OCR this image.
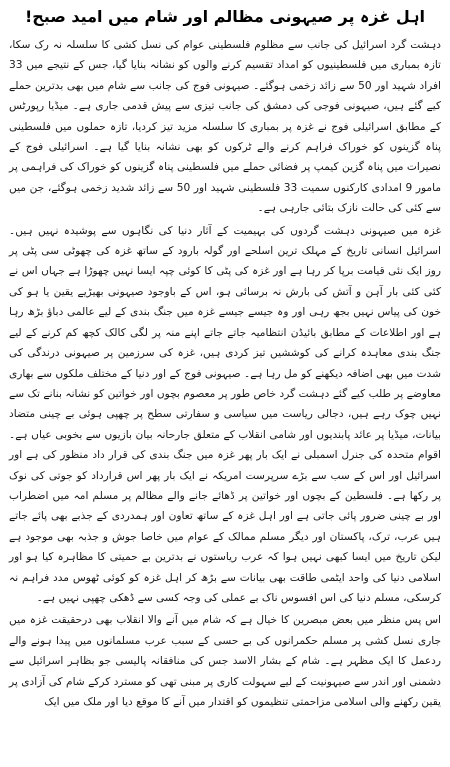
اہل غزہ پر صیہونی مظالم اور شام میں امید صبح!

دہشت گرد اسرائیل کی جانب سے مظلوم فلسطینی عوام کی نسل کشی کا سلسلہ نہ رک سکا، تازہ بمباری میں فلسطینیوں کو امداد تقسیم کرنے والوں کو نشانہ بنایا گیا، جس کے نتیجے میں 33 افراد شہید اور 50 سے زائد زخمی ہوگئے۔ صیہونی فوج کی جانب سے شام میں بھی بدترین حملے کیے گئے ہیں، صیہونی فوجی کی دمشق کی جانب تیزی سے پیش قدمی جاری ہے۔ میڈیا رپورٹس کے مطابق اسرائیلی فوج نے غزہ پر بمباری کا سلسلہ مزید تیز کردیا، تازہ حملوں میں فلسطینی پناہ گزینوں کو خوراک فراہم کرنے والے ٹرکوں کو بھی نشانہ بنایا گیا ہے۔ اسرائیلی فوج کے نصیرات میں پناہ گزین کیمپ پر فضائی حملے میں فلسطینی پناہ گزینوں کو خوراک کی فراہمی پر مامور 9 امدادی کارکنوں سمیت 33 فلسطینی شہید اور 50 سے زائد شدید زخمی ہوگئے، جن میں سے کئی کی حالت نازک بتائی جارہی ہے۔

غزہ میں صیہونی دہشت گردوں کی بہیمیت کے آثار دنیا کی نگاہوں سے پوشیدہ نہیں ہیں۔ اسرائیل انسانی تاریخ کے مہلک ترین اسلحے اور گولہ بارود کے ساتھ غزہ کی چھوٹی سی پٹی پر روز ایک نئی قیامت برپا کر رہا ہے اور غزہ کی پٹی کا کوئی چپہ ایسا نہیں چھوڑا ہے جہاں اس نے کئی کئی بار آہن و آتش کی بارش نہ برسائی ہو، اس کے باوجود صیہونی بھیڑیے یقین یا ہو کی خون کی پیاس نہیں بجھ رہی اور وہ جیسے جیسے غزہ میں جنگ بندی کے لیے عالمی دباؤ بڑھ رہا ہے اور اطلاعات کے مطابق بائیڈن انتظامیہ جاتے جاتے اپنے منہ پر لگی کالک کچھ کم کرنے کے لیے جنگ بندی معاہدہ کرانے کی کوششیں تیز کردی ہیں، غزہ کی سرزمین پر صیہونی درندگی کی شدت میں بھی اضافہ دیکھنے کو مل رہا ہے۔ صیہونی فوج کے اور دنیا کے مختلف ملکوں سے بھاری معاوضے پر طلب کیے گئے دہشت گرد خاص طور پر معصوم بچوں اور خواتین کو نشانہ بنانے تک سے نہیں چوک رہے ہیں، دجالی ریاست میں سیاسی و سفارتی سطح پر چھپی ہوئی بے چینی متضاد بیانات، میڈیا پر عائد پابندیوں اور شامی انقلاب کے متعلق جارحانہ بیان بازیوں سے بخوبی عیاں ہے۔ اقوام متحدہ کی جنرل اسمبلی نے ایک بار پھر غزہ میں جنگ بندی کی قرار داد منظور کی ہے اور اسرائیل اور اس کے سب سے بڑے سرپرست امریکہ نے ایک بار پھر اس قرارداد کو جوتی کی نوک پر رکھا ہے۔ فلسطین کے بچوں اور خواتین پر ڈھائے جانے والے مظالم پر مسلم امہ میں اضطراب اور بے چینی ضرور پائی جاتی ہے اور اہل غزہ کے ساتھ تعاون اور ہمدردی کے جذبے بھی پائے جاتے ہیں عرب، ترک، پاکستان اور دیگر مسلم ممالک کے عوام میں خاصا جوش و جذبہ بھی موجود ہے لیکن تاریخ میں ایسا کبھی نہیں ہوا کہ عرب ریاستوں نے بدترین بے حمیتی کا مظاہرہ کیا ہو اور اسلامی دنیا کی واحد ایٹمی طاقت بھی بیانات سے بڑھ کر اہل غزہ کو کوئی ٹھوس مدد فراہم نہ کرسکی، مسلم دنیا کی اس افسوس ناک بے عملی کی وجہ کسی سے ڈھکی چھپی نہیں ہے۔

اس پس منظر میں بعض مبصرین کا خیال ہے کہ شام میں آنے والا انقلاب بھی درحقیقت غزہ میں جاری نسل کشی پر مسلم حکمرانوں کی بے حسی کے سبب عرب مسلمانوں میں پیدا ہونے والے ردعمل کا ایک مظہر ہے۔ شام کے بشار الاسد جس کی منافقانہ پالیسی جو بظاہر اسرائیل سے دشمنی اور اندر سے صیہونیت کے لیے سہولت کاری پر مبنی تھی کو مسترد کرکے شام کی آزادی پر یقین رکھنے والی اسلامی مزاحمتی تنظیموں کو اقتدار میں آنے کا موقع دیا اور ملک میں ایک
